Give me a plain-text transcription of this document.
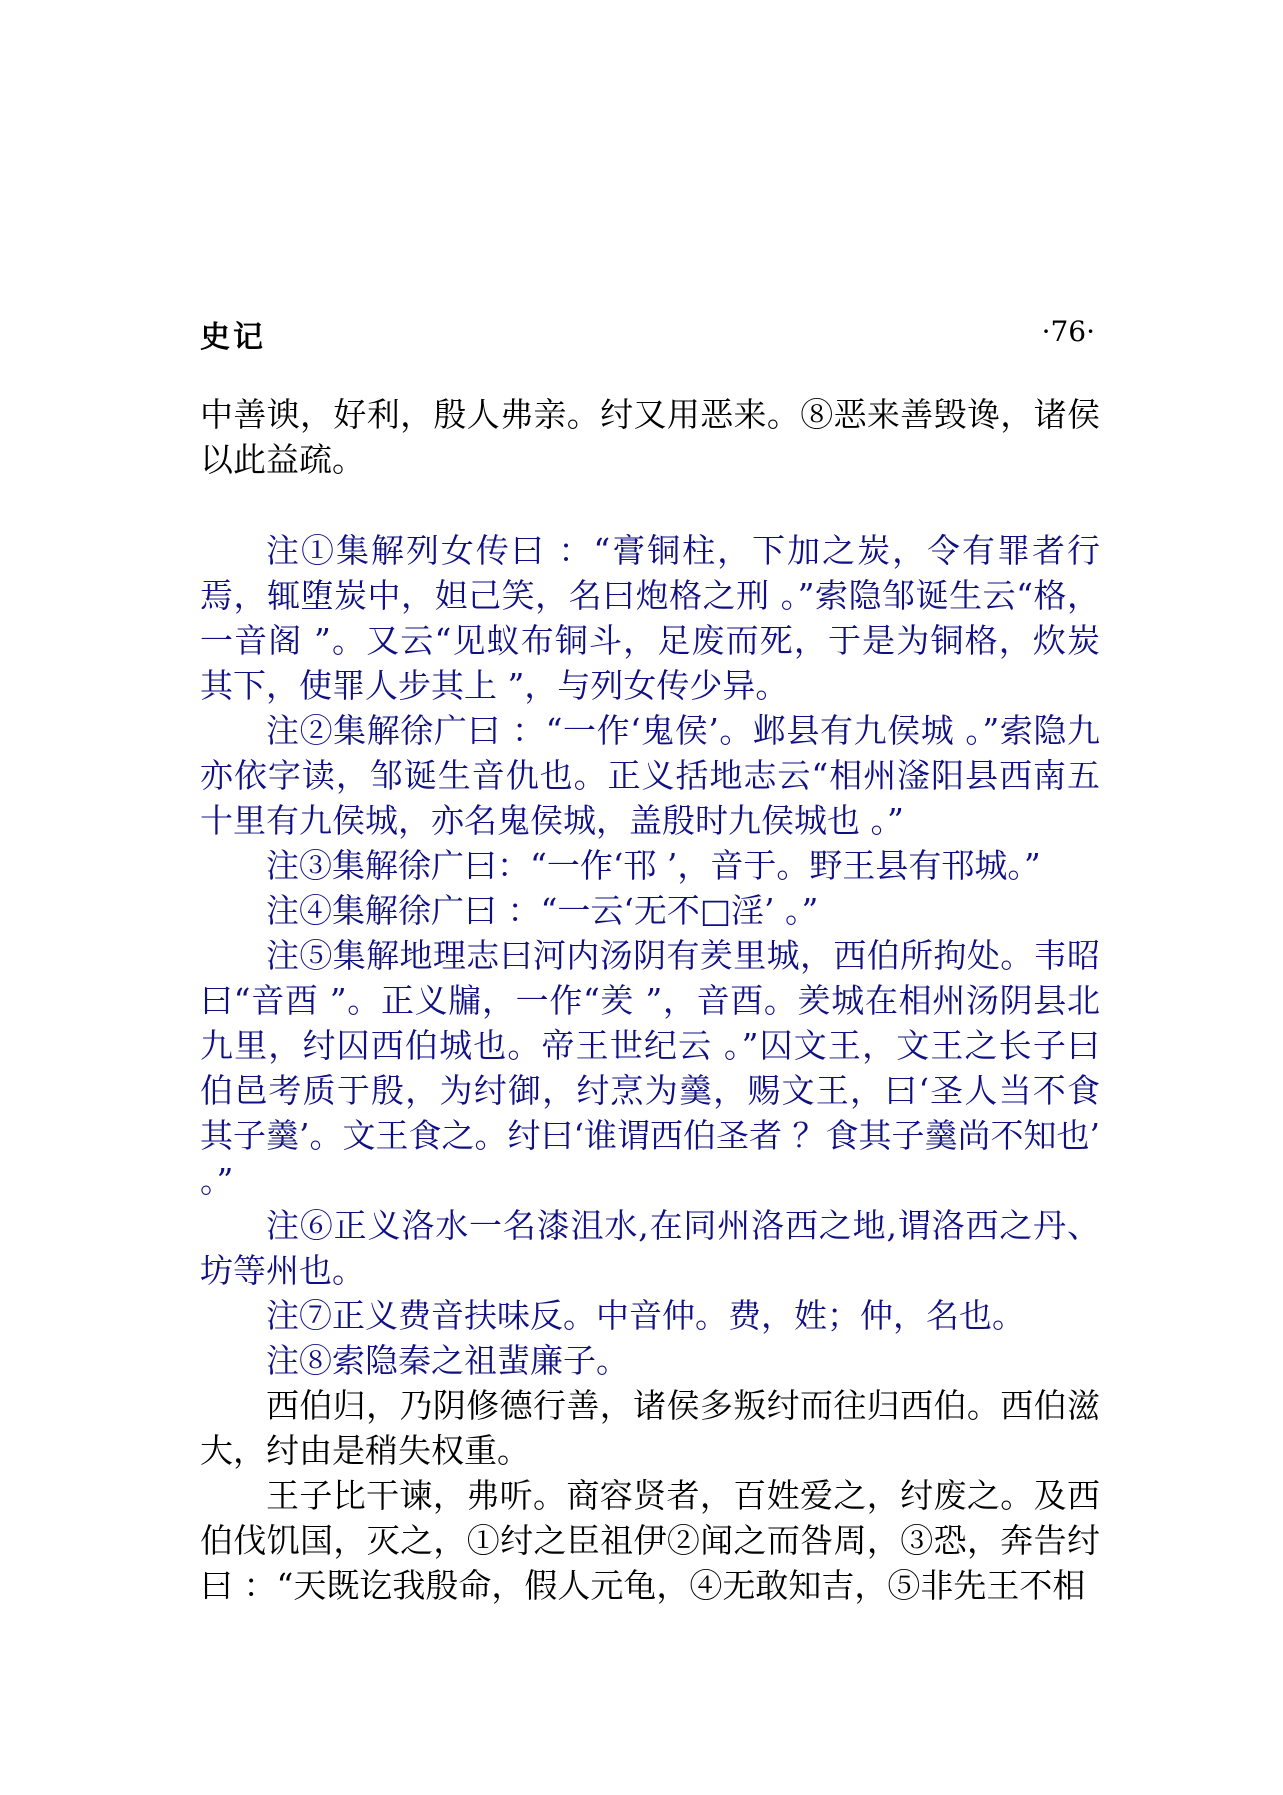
史记	·76·

中善谀，好利，殷人弗亲。纣又用恶来。⑧恶来善毁谗，诸侯以此益疏。

注①集解列女传曰 ：“膏铜柱，下加之炭，令有罪者行焉，辄堕炭中，妲己笑，名曰炮格之刑 。”索隐邹诞生云“格，一音阁 ”。又云“见蚁布铜斗，足废而死，于是为铜格，炊炭其下，使罪人步其上 ”，与列女传少异。

注②集解徐广曰 ：“一作‘鬼侯’。邺县有九侯城 。”索隐九亦依字读，邹诞生音仇也。正义括地志云“相州滏阳县西南五十里有九侯城，亦名鬼侯城，盖殷时九侯城也 。”

注③集解徐广曰：“一作‘邗 ’，音于。野王县有邗城。”

注④集解徐广曰 ：“一云‘无不□淫’ 。”

注⑤集解地理志曰河内汤阴有羑里城，西伯所拘处。韦昭曰“音酉 ”。正义牖，一作“羑 ”，音酉。羑城在相州汤阴县北九里，纣囚西伯城也。帝王世纪云 。”囚文王，文王之长子曰伯邑考质于殷，为纣御，纣烹为羹，赐文王，曰‘圣人当不食其子羹’。文王食之。纣曰‘谁谓西伯圣者 ？食其子羹尚不知也’ 。”

注⑥正义洛水一名漆沮水,在同州洛西之地,谓洛西之丹、坊等州也。

注⑦正义费音扶味反。中音仲。费，姓；仲，名也。

注⑧索隐秦之祖蜚廉子。

西伯归，乃阴修德行善，诸侯多叛纣而往归西伯。西伯滋大，纣由是稍失权重。

王子比干谏，弗听。商容贤者，百姓爱之，纣废之。及西伯伐饥国，灭之，①纣之臣祖伊②闻之而咎周，③恐，奔告纣曰 ：“天既讫我殷命，假人元龟，④无敢知吉，⑤非先王不相
